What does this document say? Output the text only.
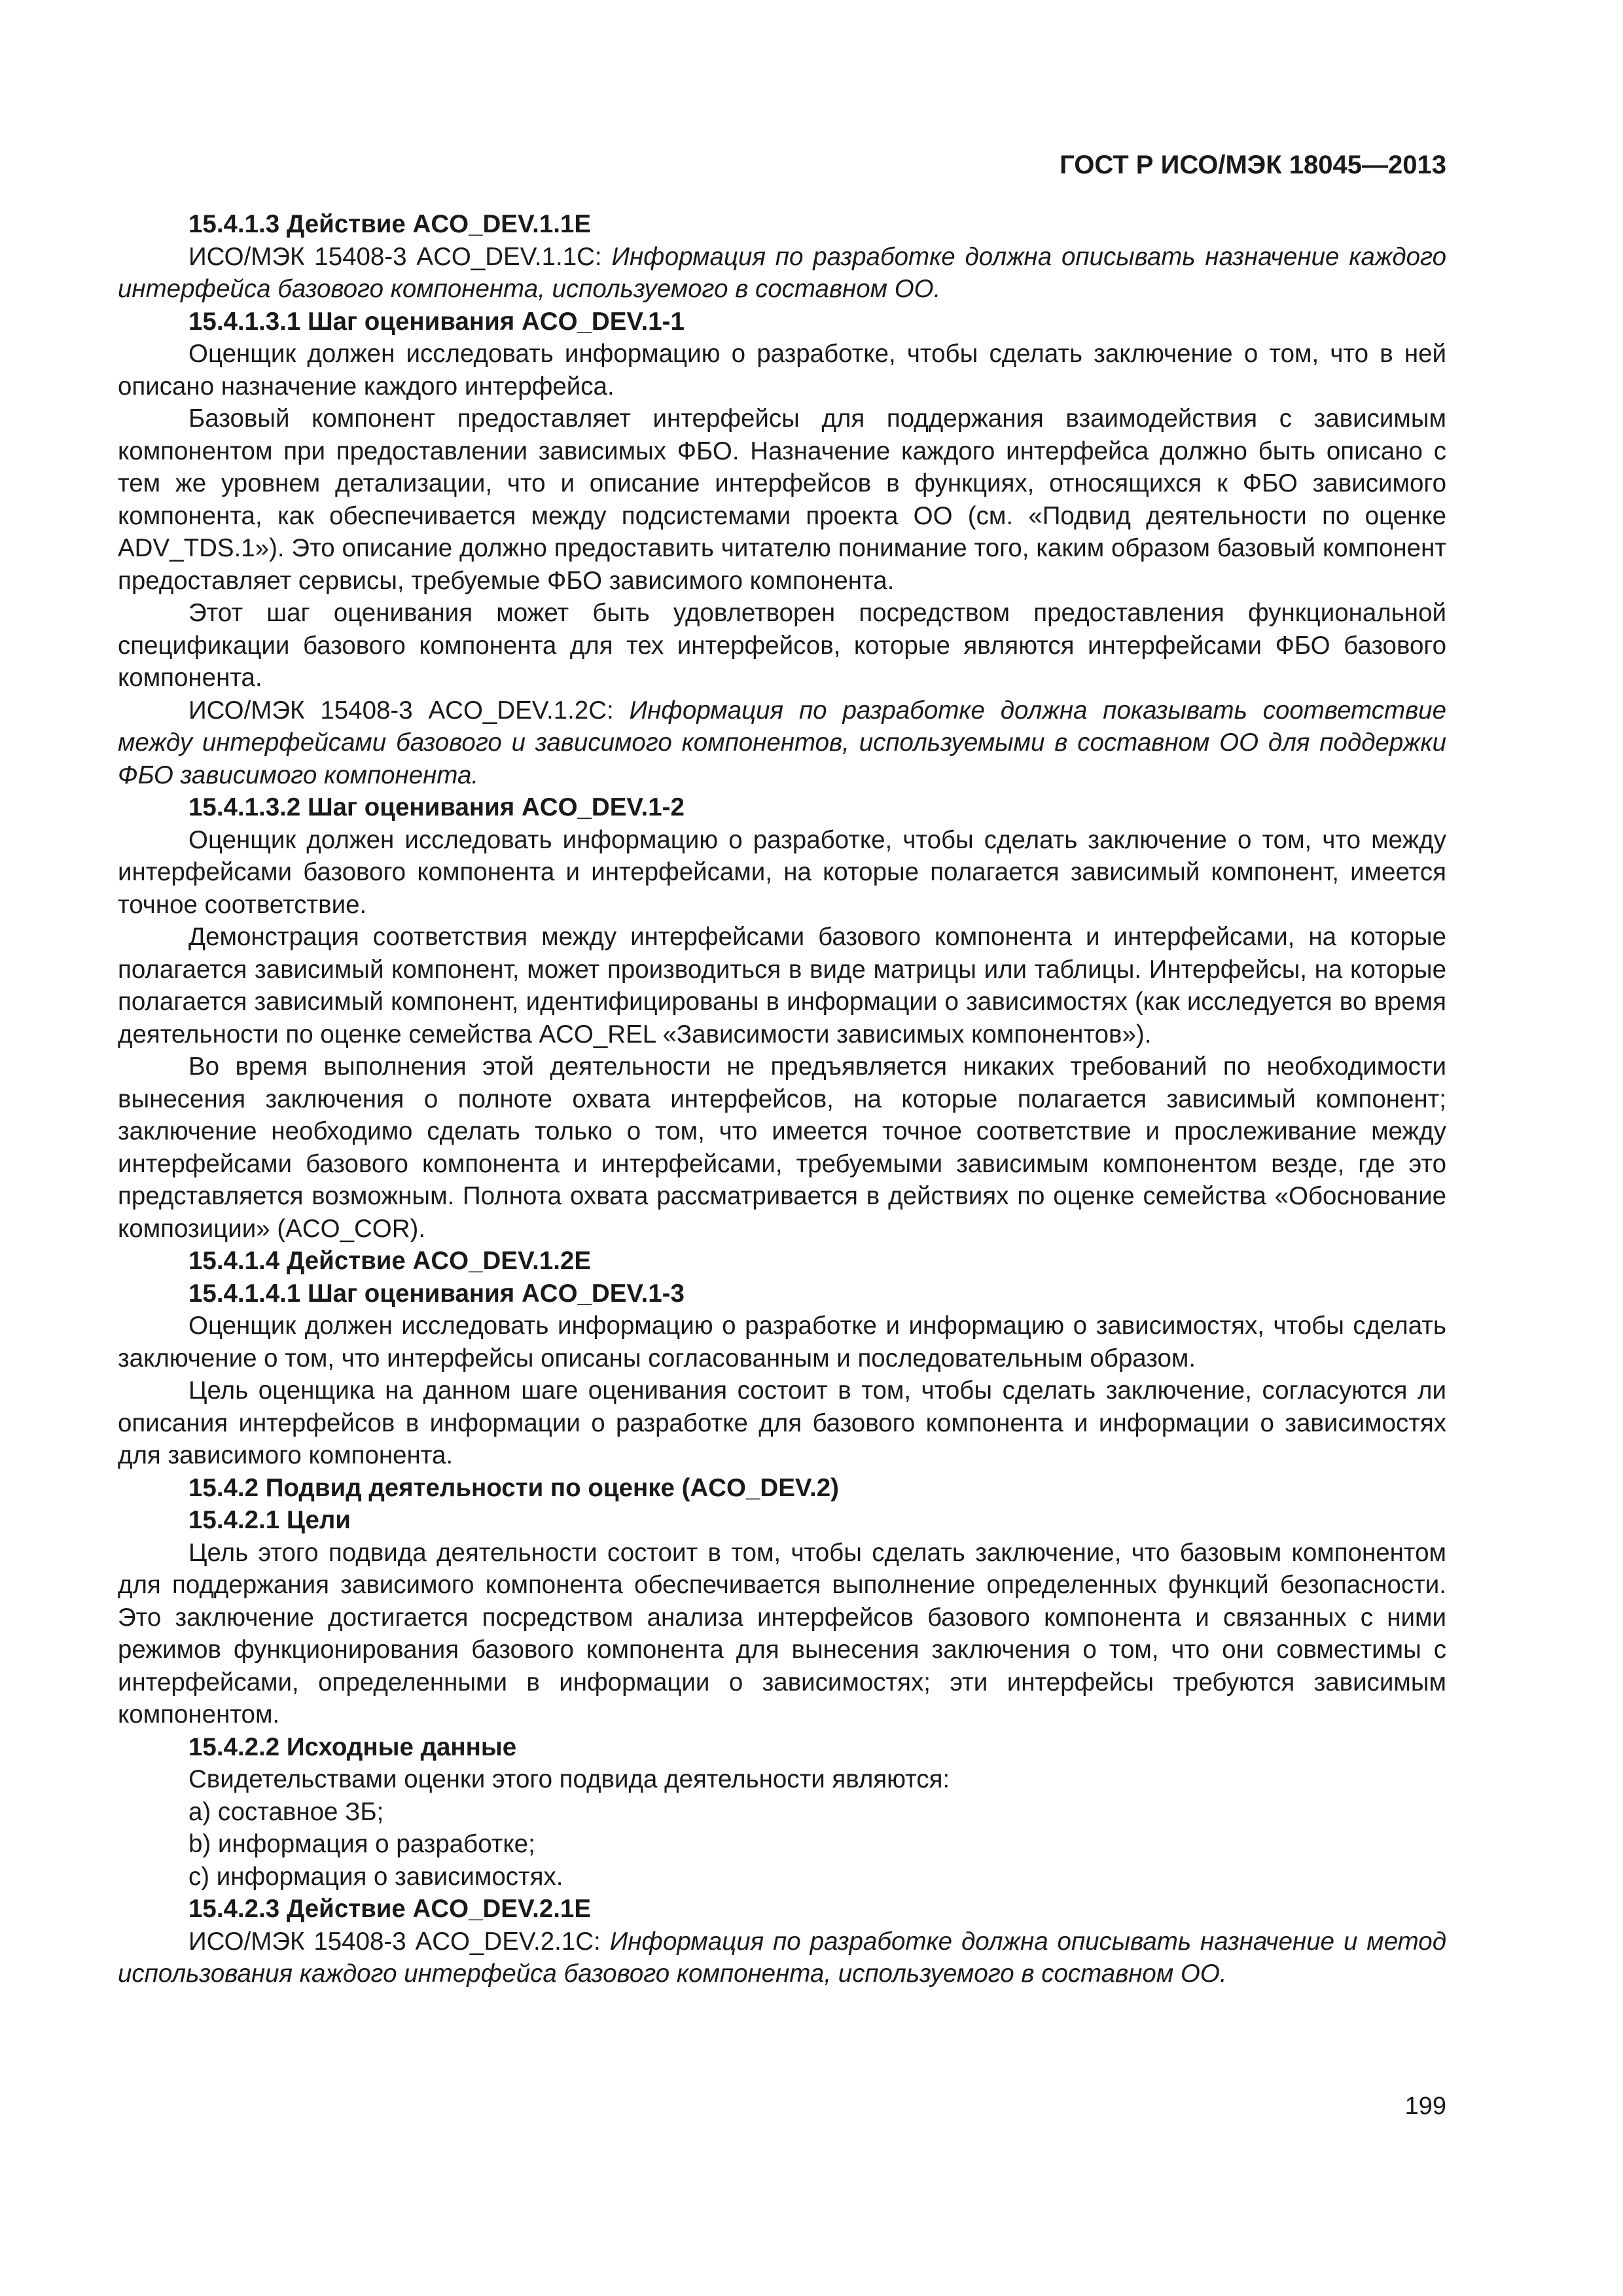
ГОСТ Р ИСО/МЭК 18045—2013

15.4.1.3 Действие ACO_DEV.1.1E

ИСО/МЭК 15408-3 ACO_DEV.1.1C: Информация по разработке должна описывать назначение каждого интерфейса базового компонента, используемого в составном ОО.

15.4.1.3.1 Шаг оценивания ACO_DEV.1-1

Оценщик должен исследовать информацию о разработке, чтобы сделать заключение о том, что в ней описано назначение каждого интерфейса.

Базовый компонент предоставляет интерфейсы для поддержания взаимодействия с зависимым компонентом при предоставлении зависимых ФБО. Назначение каждого интерфейса должно быть описано с тем же уровнем детализации, что и описание интерфейсов в функциях, относящихся к ФБО зависимого компонента, как обеспечивается между подсистемами проекта ОО (см. «Подвид деятельности по оценке ADV_TDS.1»). Это описание должно предоставить читателю понимание того, каким образом базовый компонент предоставляет сервисы, требуемые ФБО зависимого компонента.

Этот шаг оценивания может быть удовлетворен посредством предоставления функциональной спецификации базового компонента для тех интерфейсов, которые являются интерфейсами ФБО базового компонента.

ИСО/МЭК 15408-3 ACO_DEV.1.2C: Информация по разработке должна показывать соответствие между интерфейсами базового и зависимого компонентов, используемыми в составном ОО для поддержки ФБО зависимого компонента.

15.4.1.3.2 Шаг оценивания ACO_DEV.1-2

Оценщик должен исследовать информацию о разработке, чтобы сделать заключение о том, что между интерфейсами базового компонента и интерфейсами, на которые полагается зависимый компонент, имеется точное соответствие.

Демонстрация соответствия между интерфейсами базового компонента и интерфейсами, на которые полагается зависимый компонент, может производиться в виде матрицы или таблицы. Интерфейсы, на которые полагается зависимый компонент, идентифицированы в информации о зависимостях (как исследуется во время деятельности по оценке семейства ACO_REL «Зависимости зависимых компонентов»).

Во время выполнения этой деятельности не предъявляется никаких требований по необходимости вынесения заключения о полноте охвата интерфейсов, на которые полагается зависимый компонент; заключение необходимо сделать только о том, что имеется точное соответствие и прослеживание между интерфейсами базового компонента и интерфейсами, требуемыми зависимым компонентом везде, где это представляется возможным. Полнота охвата рассматривается в действиях по оценке семейства «Обоснование композиции» (ACO_COR).

15.4.1.4 Действие ACO_DEV.1.2E

15.4.1.4.1 Шаг оценивания ACO_DEV.1-3

Оценщик должен исследовать информацию о разработке и информацию о зависимостях, чтобы сделать заключение о том, что интерфейсы описаны согласованным и последовательным образом.

Цель оценщика на данном шаге оценивания состоит в том, чтобы сделать заключение, согласуются ли описания интерфейсов в информации о разработке для базового компонента и информации о зависимостях для зависимого компонента.

15.4.2 Подвид деятельности по оценке (ACO_DEV.2)

15.4.2.1 Цели

Цель этого подвида деятельности состоит в том, чтобы сделать заключение, что базовым компонентом для поддержания зависимого компонента обеспечивается выполнение определенных функций безопасности. Это заключение достигается посредством анализа интерфейсов базового компонента и связанных с ними режимов функционирования базового компонента для вынесения заключения о том, что они совместимы с интерфейсами, определенными в информации о зависимостях; эти интерфейсы требуются зависимым компонентом.

15.4.2.2 Исходные данные

Свидетельствами оценки этого подвида деятельности являются:

a) составное ЗБ;

b) информация о разработке;

c) информация о зависимостях.

15.4.2.3 Действие ACO_DEV.2.1E

ИСО/МЭК 15408-3 ACO_DEV.2.1C: Информация по разработке должна описывать назначение и метод использования каждого интерфейса базового компонента, используемого в составном ОО.

199
